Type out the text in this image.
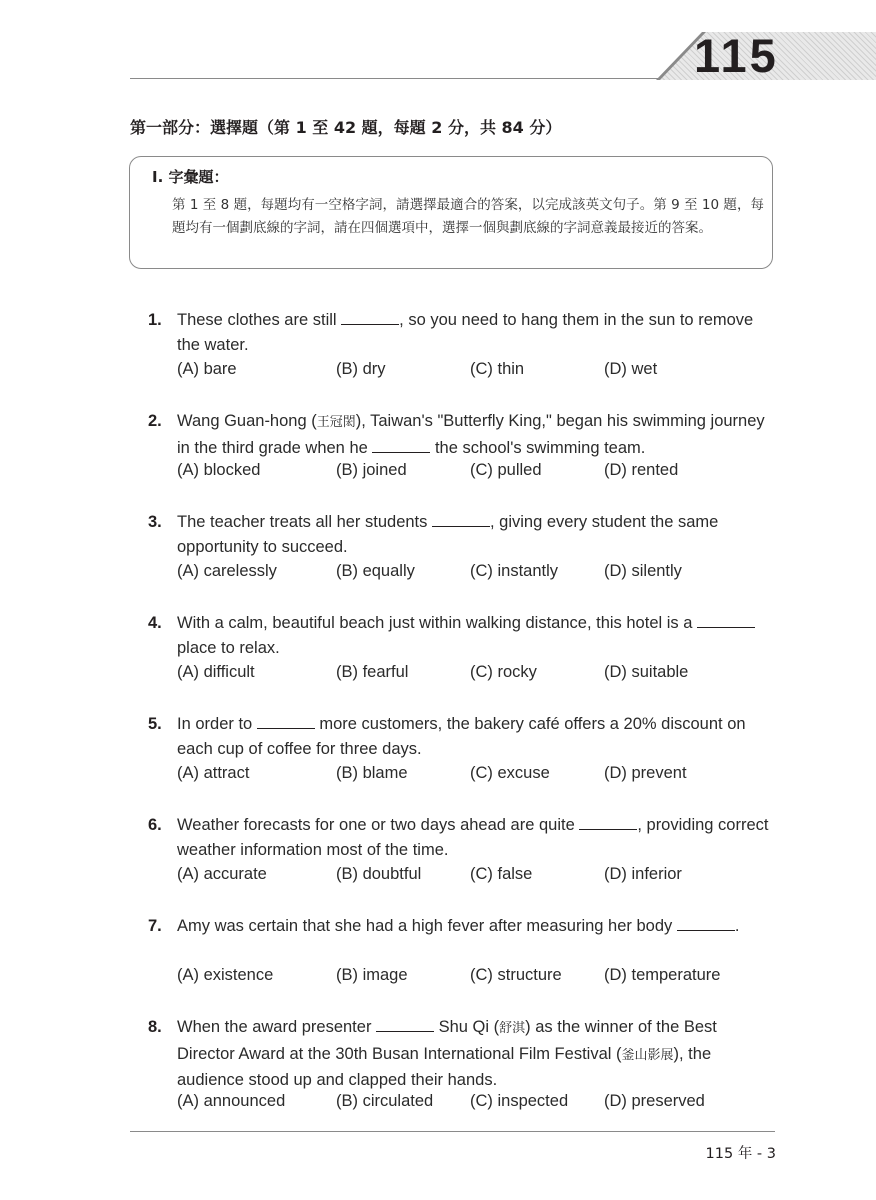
115
第一部分：選擇題（第 1 至 42 題，每題 2 分，共 84 分）
Ⅰ. 字彙題：
第 1 至 8 題，每題均有一空格字詞，請選擇最適合的答案，以完成該英文句子。第 9 至 10 題，每題均有一個劃底線的字詞，請在四個選項中，選擇一個與劃底線的字詞意義最接近的答案。
1. These clothes are still	, so you need to hang them in the sun to remove the water.
(A) bare	(B) dry	(C) thin	(D) wet
2. Wang Guan-hong (王冠閎), Taiwan's "Butterfly King," began his swimming journey in the third grade when he	the school's swimming team.
(A) blocked	(B) joined	(C) pulled	(D) rented
3. The teacher treats all her students	, giving every student the same opportunity to succeed.
(A) carelessly	(B) equally	(C) instantly	(D) silently
4. With a calm, beautiful beach just within walking distance, this hotel is a  place to relax.
(A) difficult	(B) fearful	(C) rocky	(D) suitable
5. In order to	more customers, the bakery café offers a 20% discount on each cup of coffee for three days.
(A) attract	(B) blame	(C) excuse	(D) prevent
6. Weather forecasts for one or two days ahead are quite	, providing correct weather information most of the time.
(A) accurate	(B) doubtful	(C) false	(D) inferior
7. Amy was certain that she had a high fever after measuring her body	.
(A) existence	(B) image	(C) structure	(D) temperature
8. When the award presenter	Shu Qi (舒淇) as the winner of the Best Director Award at the 30th Busan International Film Festival (釜山影展), the audience stood up and clapped their hands.
(A) announced	(B) circulated (C) inspected (D) preserved
115 年 - 3
